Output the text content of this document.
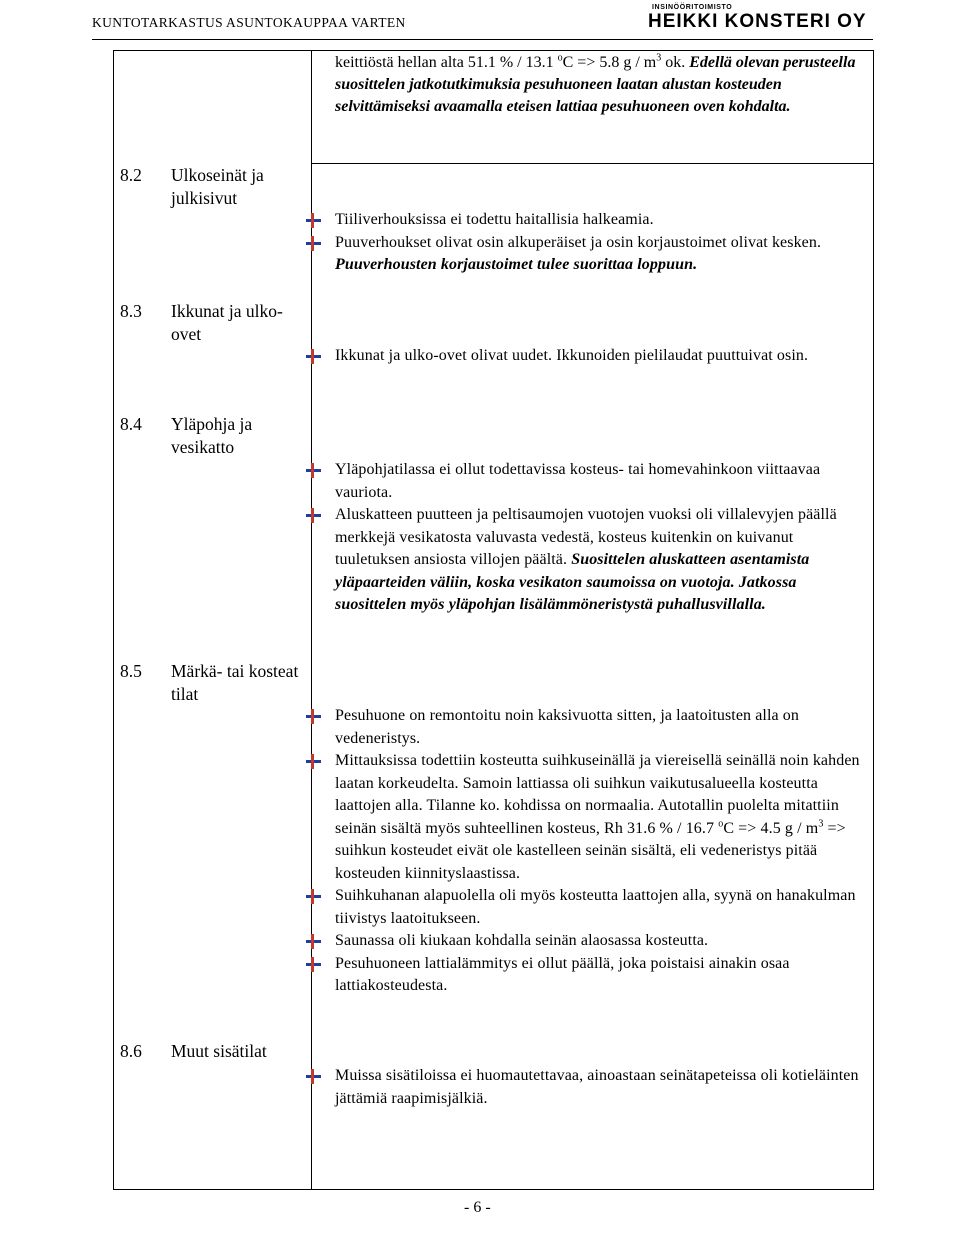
KUNTOTARKASTUS ASUNTOKAUPPAA VARTEN
INSINÖÖRITOIMISTO
HEIKKI KONSTERI OY
keittiöstä hellan alta 51.1 % / 13.1 $^o$C => 5.8 g / $m^3$ ok. Edellä olevan perusteella suosittelen jatkotutkimuksia pesuhuoneen laatan alustan kosteuden selvittämiseksi avaamalla eteisen lattiaa pesuhuoneen oven kohdalta.
8.2 Ulkoseinät ja julkisivut
Tiiliverhouksissa ei todettu haitallisia halkeamia.
Puuverhoukset olivat osin alkuperäiset ja osin korjaustoimet olivat kesken. Puuverhousten korjaustoimet tulee suorittaa loppuun.
8.3 Ikkunat ja ulko-ovet
Ikkunat ja ulko-ovet olivat uudet. Ikkunoiden pielilaudat puuttuivat osin.
8.4 Yläpohja ja vesikatto
Yläpohjatilassa ei ollut todettavissa kosteus- tai homevahinkoon viittaavaa vauriota.
Aluskatteen puutteen ja peltisaumojen vuotojen vuoksi oli villalevyjen päällä merkkejä vesikatosta valuvasta vedestä, kosteus kuitenkin on kuivanut tuuletuksen ansiosta villojen päältä. Suosittelen aluskatteen asentamista yläpaarteiden väliin, koska vesikaton saumoissa on vuotoja. Jatkossa suosittelen myös yläpohjan lisälämmöneristystä puhallusvillalla.
8.5 Märkä- tai kosteat tilat
Pesuhuone on remontoitu noin kaksivuotta sitten, ja laatoitusten alla on vedeneristys.
Mittauksissa todettiin kosteutta suihkuseinällä ja viereisellä seinällä noin kahden laatan korkeudelta. Samoin lattiassa oli suihkun vaikutusalueella kosteutta laattojen alla. Tilanne ko. kohdissa on normaalia. Autotallin puolelta mitattiin seinän sisältä myös suhteellinen kosteus, Rh 31.6 % / 16.7 $^o$C => 4.5 g / $m^3$ => suihkun kosteudet eivät ole kastelleen seinän sisältä, eli vedeneristys pitää kosteuden kiinnityslaastissa.
Suihkuhanan alapuolella oli myös kosteutta laattojen alla, syynä on hanakulman tiivistys laatoitukseen.
Saunassa oli kiukaan kohdalla seinän alaosassa kosteutta.
Pesuhuoneen lattialämmitys ei ollut päällä, joka poistaisi ainakin osaa lattiakosteudesta.
8.6 Muut sisätilat
Muissa sisätiloissa ei huomautettavaa, ainoastaan seinätapeteissa oli kotieläinten jättämiä raapimisjälkiä.
- 6 -
